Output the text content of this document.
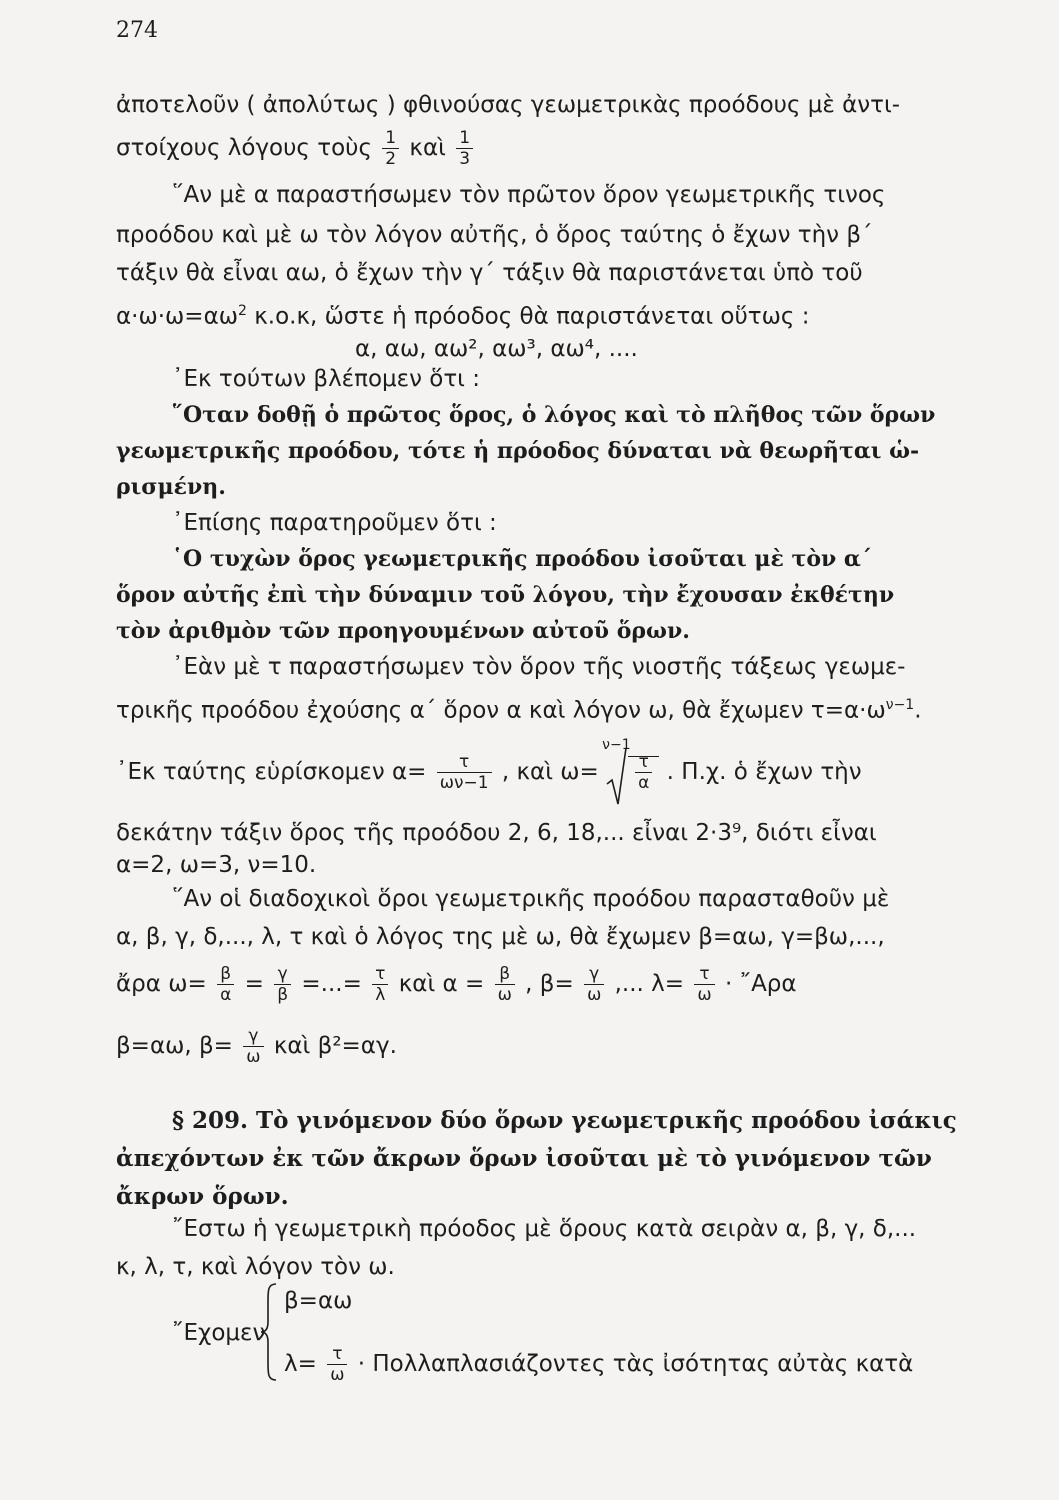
274
ἀποτελοῦν ( ἀπολύτως ) φθινούσας γεωμετρικὰς προόδους μὲ ἀντι-
στοίχους λόγους τοὺς $\frac{1}{2}$ καὶ $\frac{1}{3}$
῞Αν μὲ α παραστήσωμεν τὸν πρῶτον ὅρον γεωμετρικῆς τινος
προόδου καὶ μὲ ω τὸν λόγον αὐτῆς, ὁ ὅρος ταύτης ὁ ἔχων τὴν β΄
τάξιν θὰ εἶναι αω, ὁ ἔχων τὴν γ΄ τάξιν θὰ παριστάνεται ὑπὸ τοῦ
$\alpha\cdot\omega\cdot\omega=\alpha\omega^2$ κ.ο.κ, ὥστε ἡ πρόοδος θὰ παριστάνεται οὕτως :
α, αω, αω², αω³, αω⁴, ....
᾿Εκ τούτων βλέπομεν ὅτι :
῞Οταν δοθῇ ὁ πρῶτος ὅρος, ὁ λόγος καὶ τὸ πλῆθος τῶν ὅρων
γεωμετρικῆς προόδου, τότε ἡ πρόοδος δύναται νὰ θεωρῆται ὡ-
ρισμένη.
᾿Επίσης παρατηροῦμεν ὅτι :
῾Ο τυχὼν ὅρος γεωμετρικῆς προόδου ἰσοῦται μὲ τὸν α΄
ὅρον αὐτῆς ἐπὶ τὴν δύναμιν τοῦ λόγου, τὴν ἔχουσαν ἐκθέτην
τὸν ἀριθμὸν τῶν προηγουμένων αὐτοῦ ὅρων.
᾿Εὰν μὲ τ παραστήσωμεν τὸν ὅρον τῆς νιοστῆς τάξεως γεωμε-
τρικῆς προόδου ἐχούσης α΄ ὅρον α καὶ λόγον ω, θὰ ἔχωμεν $\tau=\alpha\cdot\omega^{\nu-1}$.
᾿Εκ ταύτης εὑρίσκομεν $\alpha= \frac{\tau}{\omega\nu-1}$ , καὶ ω=
ν−1
$\frac{\tau}{\alpha}$ . Π.χ. ὁ ἔχων τὴν
δεκάτην τάξιν ὅρος τῆς προόδου 2, 6, 18,... εἶναι 2·3⁹, διότι εἶναι
α=2, ω=3, ν=10.
῞Αν οἱ διαδοχικοὶ ὅροι γεωμετρικῆς προόδου παρασταθοῦν μὲ
α, β, γ, δ,..., λ, τ καὶ ὁ λόγος της μὲ ω, θὰ ἔχωμεν β=αω, γ=βω,...,
ἄρα $\omega= \frac{\beta}{\alpha} = \frac{\gamma}{\beta}$ =...= $\frac{\tau}{\lambda}$ καὶ $\alpha = \frac{\beta}{\omega}$ , $\beta= \frac{\gamma}{\omega}$ ,... $\lambda= \frac{\tau}{\omega}$ · ῎Αρα
β=αω, $\beta= \frac{\gamma}{\omega}$ καὶ β²=αγ.
§ 209. Τὸ γινόμενον δύο ὅρων γεωμετρικῆς προόδου ἰσάκις
ἀπεχόντων ἐκ τῶν ἄκρων ὅρων ἰσοῦται μὲ τὸ γινόμενον τῶν
ἄκρων ὅρων.
῎Εστω ἡ γεωμετρικὴ πρόοδος μὲ ὅρους κατὰ σειρὰν α, β, γ, δ,...
κ, λ, τ, καὶ λόγον τὸν ω.
῎Εχομεν
β=αω
$\lambda= \frac{\tau}{\omega} \cdot \Pi o\lambda\lambda\alpha\pi\lambda\alpha\sigma\iota ά\zeta o\nu\tau\varepsilon\varsigma$ τὰς ἰσότητας αὐτὰς κατὰ
